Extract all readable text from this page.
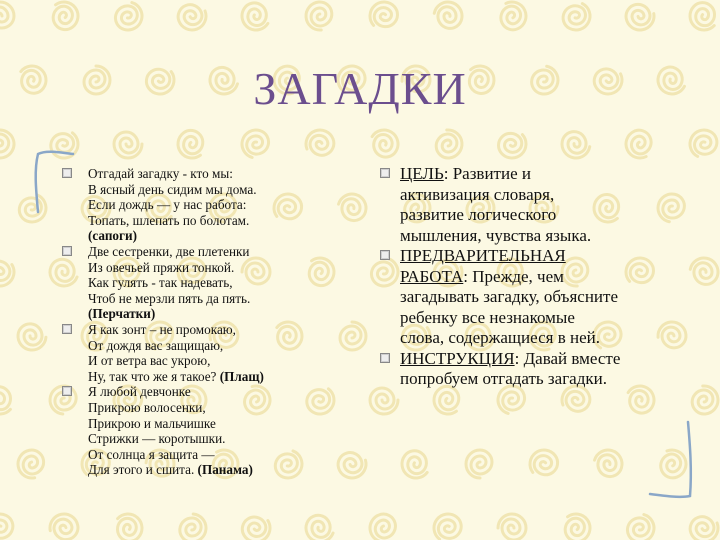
ЗАГАДКИ
Отгадай загадку - кто мы:
В ясный день сидим мы дома.
Если дождь — у нас работа:
Топать, шлепать по болотам.
(сапоги)
Две сестренки, две плетенки
Из овечьей пряжи тонкой.
Как гулять - так надевать,
Чтоб не мерзли пять да пять.
(Перчатки)
Я как зонт – не промокаю,
От дождя вас защищаю,
И от ветра вас укрою,
Ну, так что же я такое? (Плащ)
Я любой девчонке
Прикрою волосенки,
Прикрою и мальчишке
Стрижки — коротышки.
От солнца я защита —
Для этого и сшита. (Панама)
ЦЕЛЬ: Развитие и
активизация словаря,
развитие логического
мышления, чувства языка.
ПРЕДВАРИТЕЛЬНАЯ
РАБОТА: Прежде, чем
загадывать загадку, объясните
ребенку все незнакомые
слова, содержащиеся в ней.
ИНСТРУКЦИЯ: Давай вместе
попробуем отгадать загадки.
